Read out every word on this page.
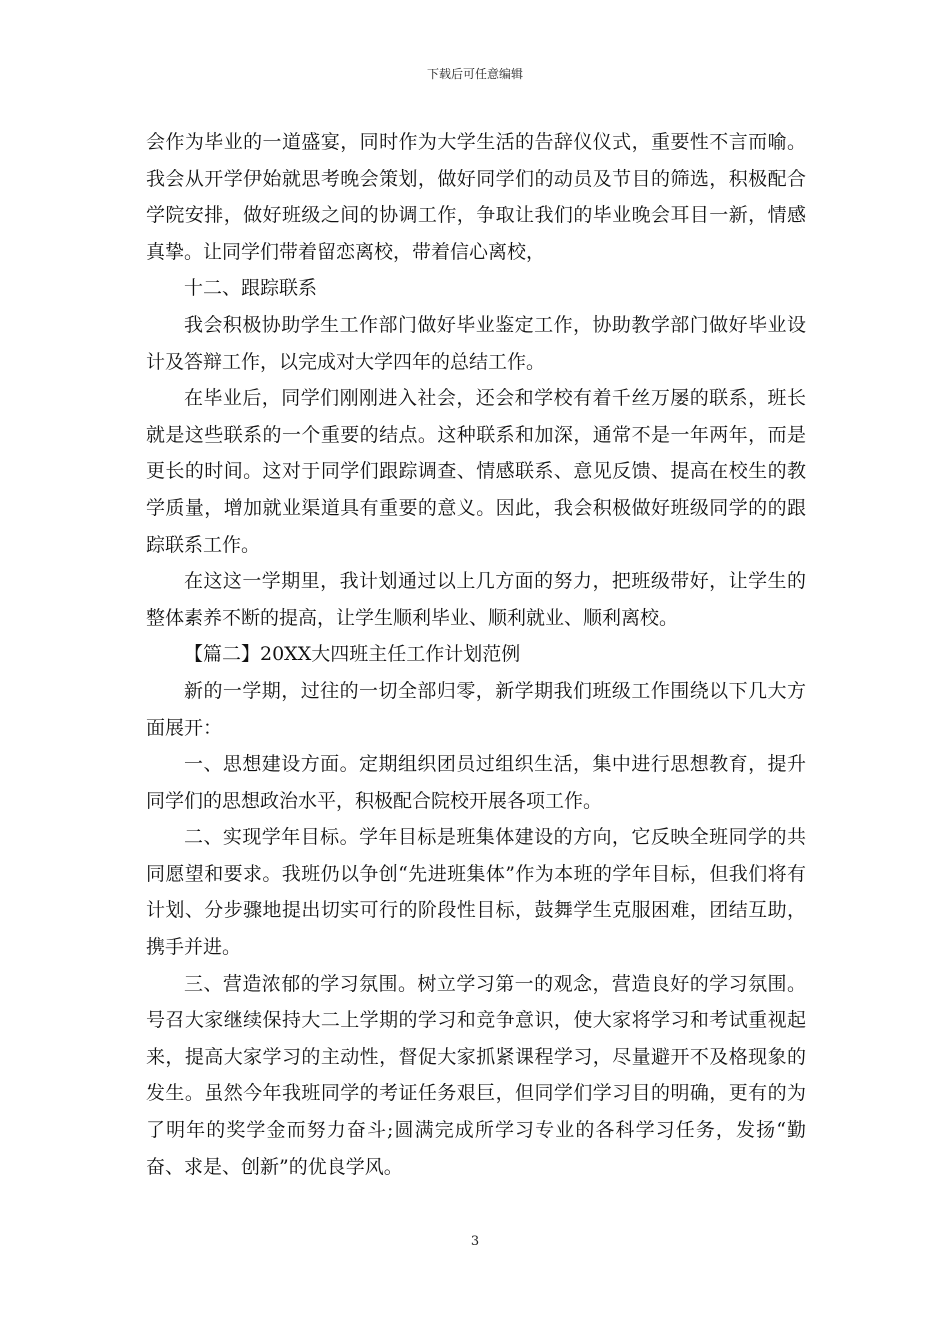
下载后可任意编辑

会作为毕业的一道盛宴，同时作为大学生活的告辞仪仪式，重要性不言而喻。我会从开学伊始就思考晚会策划，做好同学们的动员及节目的筛选，积极配合学院安排，做好班级之间的协调工作，争取让我们的毕业晚会耳目一新，情感真挚。让同学们带着留恋离校，带着信心离校，

十二、跟踪联系

我会积极协助学生工作部门做好毕业鉴定工作，协助教学部门做好毕业设计及答辩工作，以完成对大学四年的总结工作。

在毕业后，同学们刚刚进入社会，还会和学校有着千丝万屡的联系，班长就是这些联系的一个重要的结点。这种联系和加深，通常不是一年两年，而是更长的时间。这对于同学们跟踪调查、情感联系、意见反馈、提高在校生的教学质量，增加就业渠道具有重要的意义。因此，我会积极做好班级同学的的跟踪联系工作。

在这这一学期里，我计划通过以上几方面的努力，把班级带好，让学生的整体素养不断的提高，让学生顺利毕业、顺利就业、顺利离校。

【篇二】20XX大四班主任工作计划范例

新的一学期，过往的一切全部归零，新学期我们班级工作围绕以下几大方面展开：

一、思想建设方面。定期组织团员过组织生活，集中进行思想教育，提升同学们的思想政治水平，积极配合院校开展各项工作。

二、实现学年目标。学年目标是班集体建设的方向，它反映全班同学的共同愿望和要求。我班仍以争创“先进班集体”作为本班的学年目标，但我们将有计划、分步骤地提出切实可行的阶段性目标，鼓舞学生克服困难，团结互助，携手并进。

三、营造浓郁的学习氛围。树立学习第一的观念，营造良好的学习氛围。号召大家继续保持大二上学期的学习和竞争意识，使大家将学习和考试重视起来，提高大家学习的主动性，督促大家抓紧课程学习，尽量避开不及格现象的发生。虽然今年我班同学的考证任务艰巨，但同学们学习目的明确，更有的为了明年的奖学金而努力奋斗;圆满完成所学习专业的各科学习任务，发扬“勤奋、求是、创新”的优良学风。

3
